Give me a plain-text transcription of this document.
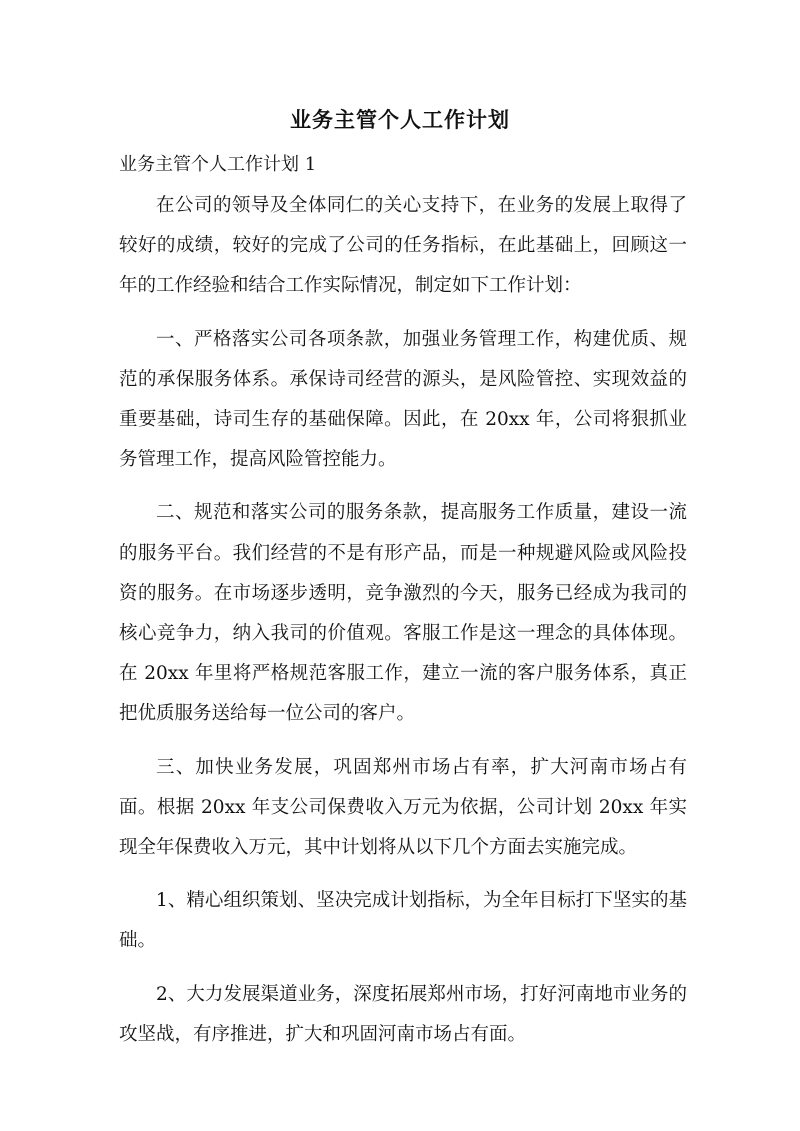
业务主管个人工作计划

业务主管个人工作计划 1

在公司的领导及全体同仁的关心支持下，在业务的发展上取得了较好的成绩，较好的完成了公司的任务指标，在此基础上，回顾这一年的工作经验和结合工作实际情况，制定如下工作计划：

一、严格落实公司各项条款，加强业务管理工作，构建优质、规范的承保服务体系。承保诗司经营的源头，是风险管控、实现效益的重要基础，诗司生存的基础保障。因此，在 20xx 年，公司将狠抓业务管理工作，提高风险管控能力。

二、规范和落实公司的服务条款，提高服务工作质量，建设一流的服务平台。我们经营的不是有形产品，而是一种规避风险或风险投资的服务。在市场逐步透明，竞争激烈的今天，服务已经成为我司的核心竞争力，纳入我司的价值观。客服工作是这一理念的具体体现。在 20xx 年里将严格规范客服工作，建立一流的客户服务体系，真正把优质服务送给每一位公司的客户。

三、加快业务发展，巩固郑州市场占有率，扩大河南市场占有面。根据 20xx 年支公司保费收入万元为依据，公司计划 20xx 年实现全年保费收入万元，其中计划将从以下几个方面去实施完成。

1、精心组织策划、坚决完成计划指标，为全年目标打下坚实的基础。

2、大力发展渠道业务，深度拓展郑州市场，打好河南地市业务的攻坚战，有序推进，扩大和巩固河南市场占有面。
